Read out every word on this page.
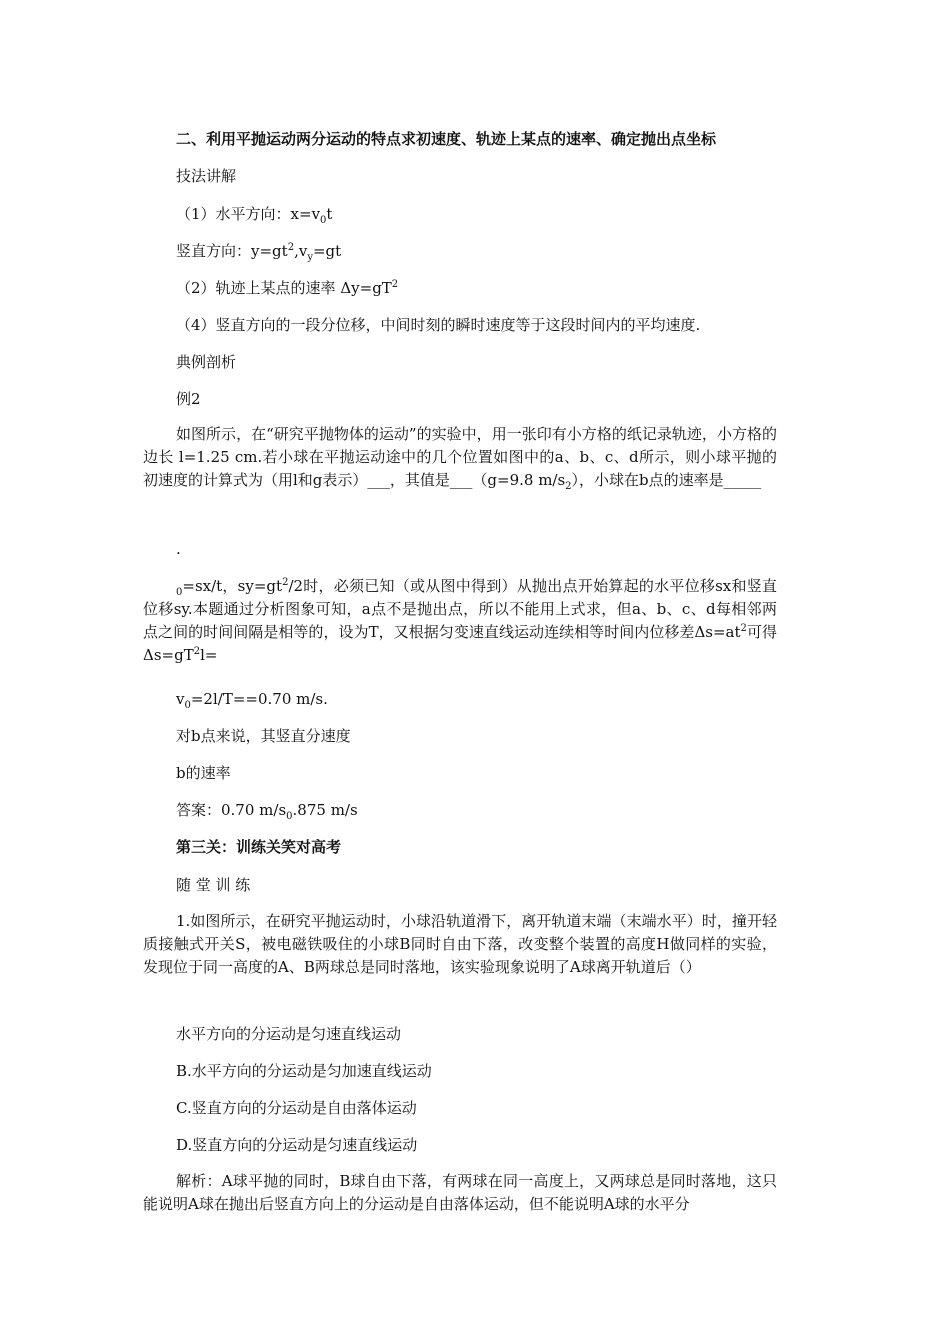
二、利用平抛运动两分运动的特点求初速度、轨迹上某点的速率、确定抛出点坐标
技法讲解
（1）水平方向：$x=v_0t$
竖直方向：$y=gt^2,v_y=gt$
（2）轨迹上某点的速率 $\Delta y=gT^2$
（4）竖直方向的一段分位移，中间时刻的瞬时速度等于这段时间内的平均速度.
典例剖析
例2
如图所示，在“研究平抛物体的运动”的实验中，用一张印有小方格的纸记录轨迹，小方格的边长 l=1.25 cm.若小球在平抛运动途中的几个位置如图中的a、b、c、d所示，则小球平抛的初速度的计算式为（用l和g表示）___，其值是___（g=9.8 $m/s_2$），小球在b点的速率是_____
.
$_0$=sx/t，$sy=gt^2/2$时，必须已知（或从图中得到）从抛出点开始算起的水平位移sx和竖直位移sy.本题通过分析图象可知，a点不是抛出点，所以不能用上式求，但a、b、c、d每相邻两点之间的时间间隔是相等的，设为T，又根据匀变速直线运动连续相等时间内位移差$\Delta s=at^2$可得$\Delta s=gT^2l=$
$v_0=2l/T==0.70$ m/s.
对b点来说，其竖直分速度
b的速率
答案：0.70 $m/s_0.875$ m/s
第三关：训练关笑对高考
随 堂 训 练
1.如图所示，在研究平抛运动时，小球沿轨道滑下，离开轨道末端（末端水平）时，撞开轻质接触式开关S，被电磁铁吸住的小球B同时自由下落，改变整个装置的高度H做同样的实验，发现位于同一高度的A、B两球总是同时落地，该实验现象说明了A球离开轨道后（）
水平方向的分运动是匀速直线运动
B.水平方向的分运动是匀加速直线运动
C.竖直方向的分运动是自由落体运动
D.竖直方向的分运动是匀速直线运动
解析：A球平抛的同时，B球自由下落，有两球在同一高度上，又两球总是同时落地，这只能说明A球在抛出后竖直方向上的分运动是自由落体运动，但不能说明A球的水平分
